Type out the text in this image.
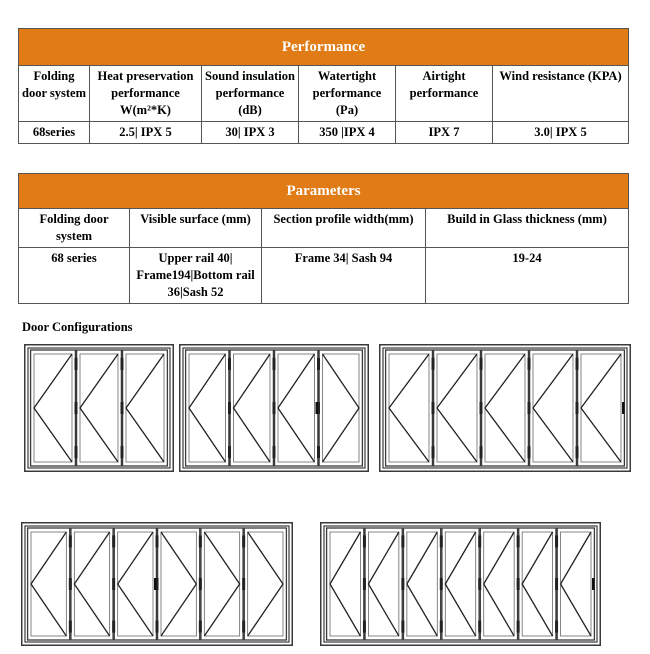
Performance					
Folding door system	Heat preservation performance W(m²*K)	Sound insulation performance (dB)	Watertight performance (Pa)	Airtight performance	Wind resistance (KPA)
68series	2.5| IPX 5	30| IPX 3	350 |IPX 4	IPX 7	3.0| IPX 5
Parameters			
Folding door system	Visible surface (mm)	Section profile width(mm)	Build in Glass thickness (mm)
68 series	Upper rail 40| Frame194|Bottom rail 36|Sash 52	Frame 34| Sash 94	19-24
Door Configurations
